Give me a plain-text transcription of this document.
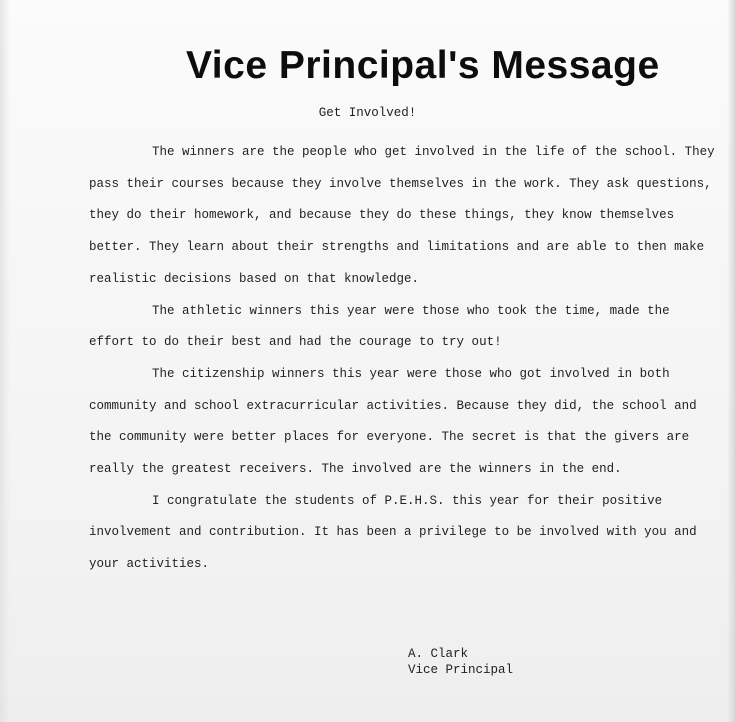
Vice Principal's Message
Get Involved!

The winners are the people who get involved in the life of the school. They pass their courses because they involve themselves in the work. They ask questions, they do their homework, and because they do these things, they know themselves better. They learn about their strengths and limitations and are able to then make realistic decisions based on that knowledge.

The athletic winners this year were those who took the time, made the effort to do their best and had the courage to try out!

The citizenship winners this year were those who got involved in both community and school extracurricular activities. Because they did, the school and the community were better places for everyone. The secret is that the givers are really the greatest receivers. The involved are the winners in the end.

I congratulate the students of P.E.H.S. this year for their positive involvement and contribution. It has been a privilege to be involved with you and your activities.

A. Clark
Vice Principal
